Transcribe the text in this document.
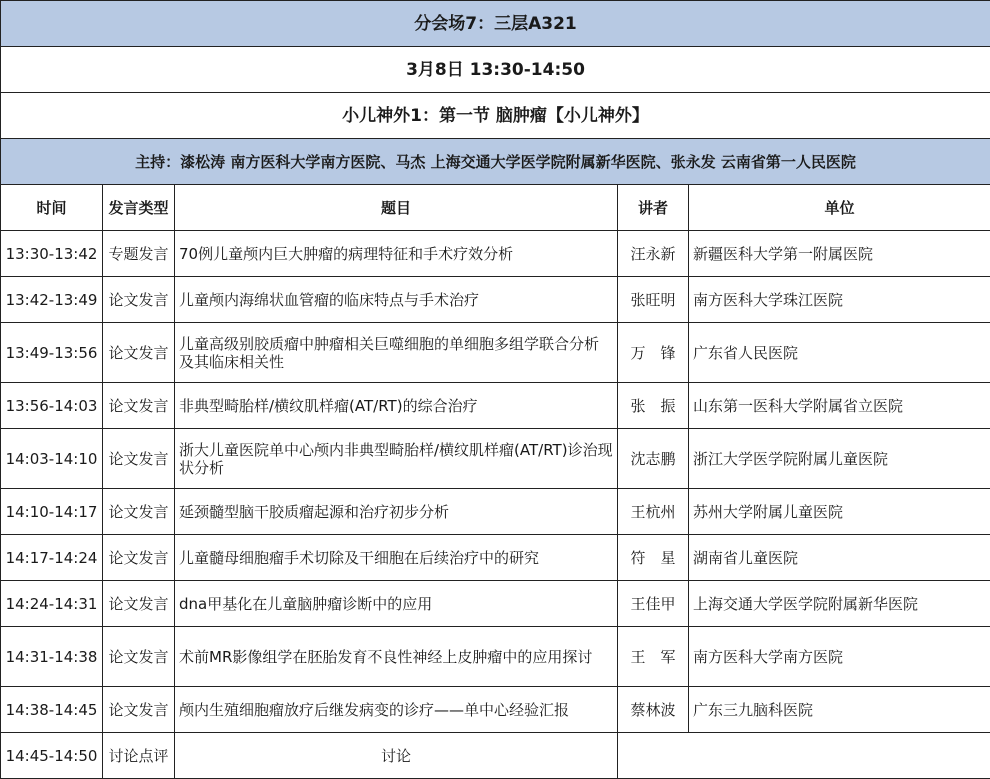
分会场7：三层A321				
3月8日 13:30-14:50				
小儿神外1：第一节 脑肿瘤【小儿神外】				
主持：漆松涛 南方医科大学南方医院、马杰 上海交通大学医学院附属新华医院、张永发 云南省第一人民医院				
时间	发言类型	题目	讲者	单位
13:30-13:42	专题发言	70例儿童颅内巨大肿瘤的病理特征和手术疗效分析	汪永新	新疆医科大学第一附属医院
13:42-13:49	论文发言	儿童颅内海绵状血管瘤的临床特点与手术治疗	张旺明	南方医科大学珠江医院
13:49-13:56	论文发言	儿童高级别胶质瘤中肿瘤相关巨噬细胞的单细胞多组学联合分析及其临床相关性	万　锋	广东省人民医院
13:56-14:03	论文发言	非典型畸胎样/横纹肌样瘤(AT/RT)的综合治疗	张　振	山东第一医科大学附属省立医院
14:03-14:10	论文发言	浙大儿童医院单中心颅内非典型畸胎样/横纹肌样瘤(AT/RT)诊治现状分析	沈志鹏	浙江大学医学院附属儿童医院
14:10-14:17	论文发言	延颈髓型脑干胶质瘤起源和治疗初步分析	王杭州	苏州大学附属儿童医院
14:17-14:24	论文发言	儿童髓母细胞瘤手术切除及干细胞在后续治疗中的研究	符　星	湖南省儿童医院
14:24-14:31	论文发言	dna甲基化在儿童脑肿瘤诊断中的应用	王佳甲	上海交通大学医学院附属新华医院
14:31-14:38	论文发言	术前MR影像组学在胚胎发育不良性神经上皮肿瘤中的应用探讨	王　军	南方医科大学南方医院
14:38-14:45	论文发言	颅内生殖细胞瘤放疗后继发病变的诊疗——单中心经验汇报	蔡林波	广东三九脑科医院
14:45-14:50	讨论点评	讨论		
